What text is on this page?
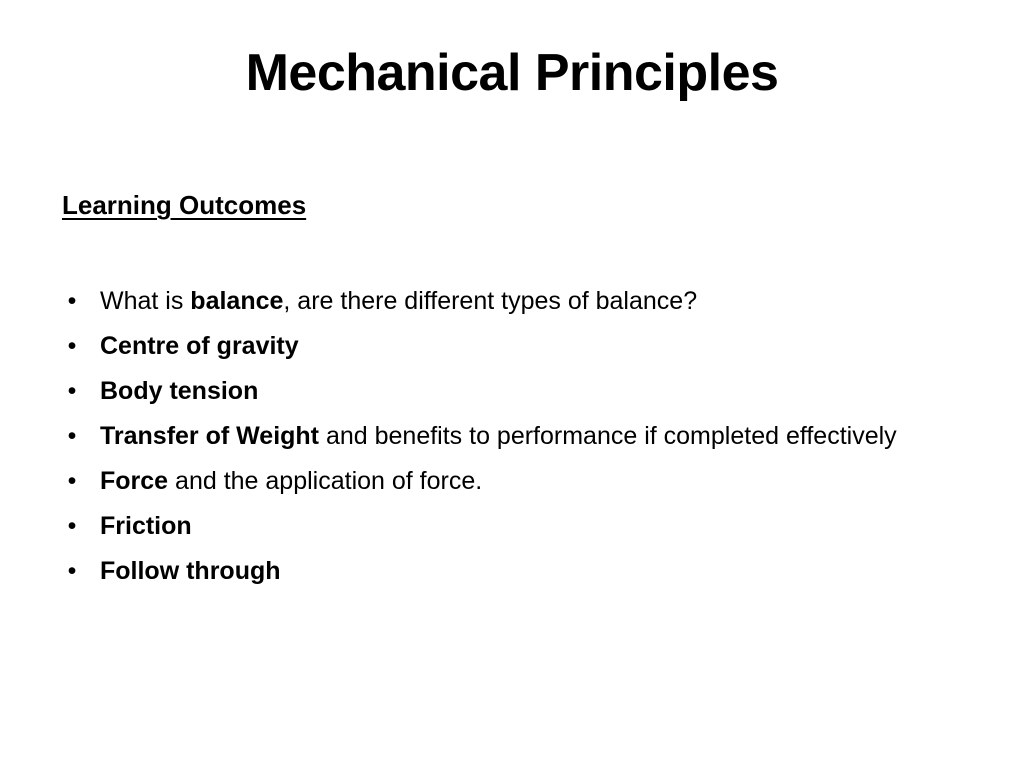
Mechanical Principles
Learning Outcomes
• What is balance, are there different types of balance?
• Centre of gravity
• Body tension
• Transfer of Weight and benefits to performance if completed effectively
• Force and the application of force.
• Friction
• Follow through
